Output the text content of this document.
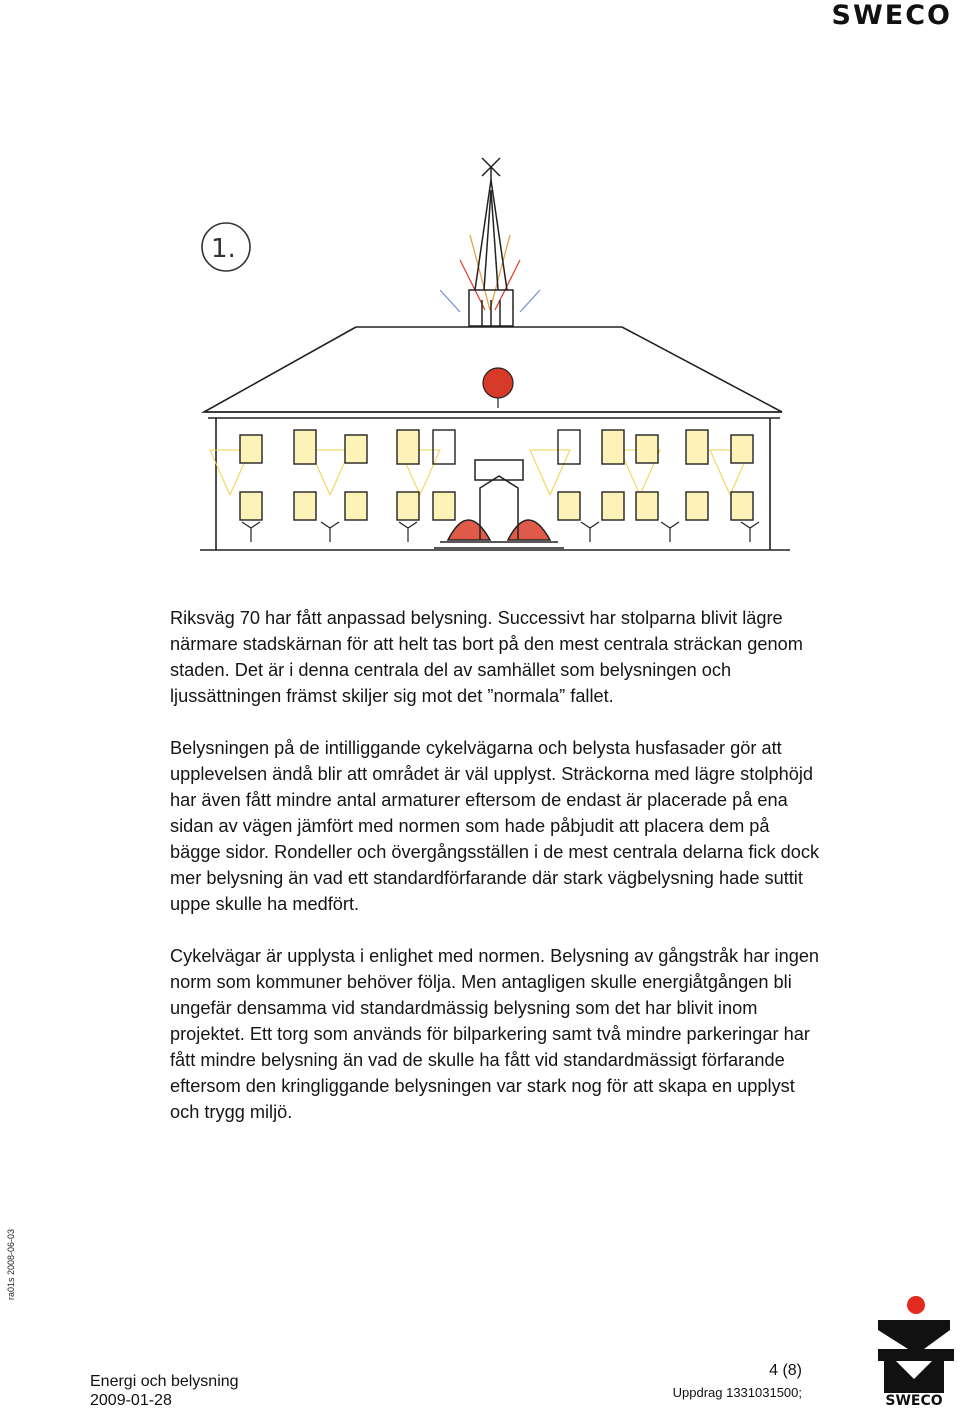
SWECO
1.

Riksväg 70 har fått anpassad belysning. Successivt har stolparna blivit lägre närmare stadskärnan för att helt tas bort på den mest centrala sträckan genom staden. Det är i denna centrala del av samhället som belysningen och ljussättningen främst skiljer sig mot det ”normala” fallet.

Belysningen på de intilliggande cykelvägarna och belysta husfasader gör att upplevelsen ändå blir att området är väl upplyst. Sträckorna med lägre stolphöjd har även fått mindre antal armaturer eftersom de endast är placerade på ena sidan av vägen jämfört med normen som hade påbjudit att placera dem på bägge sidor. Rondeller och övergångsställen i de mest centrala delarna fick dock mer belysning än vad ett standardförfarande där stark vägbelysning hade suttit uppe skulle ha medfört.

Cykelvägar är upplysta i enlighet med normen. Belysning av gångstråk har ingen norm som kommuner behöver följa. Men antagligen skulle energiåtgången bli ungefär densamma vid standardmässig belysning som det har blivit inom projektet. Ett torg som används för bilparkering samt två mindre parkeringar har fått mindre belysning än vad de skulle ha fått vid standardmässigt förfarande eftersom den kringliggande belysningen var stark nog för att skapa en upplyst och trygg miljö.

ra01s 2008-06-03
Energi och belysning
2009-01-28
4 (8)
Uppdrag 1331031500;
SWECO
